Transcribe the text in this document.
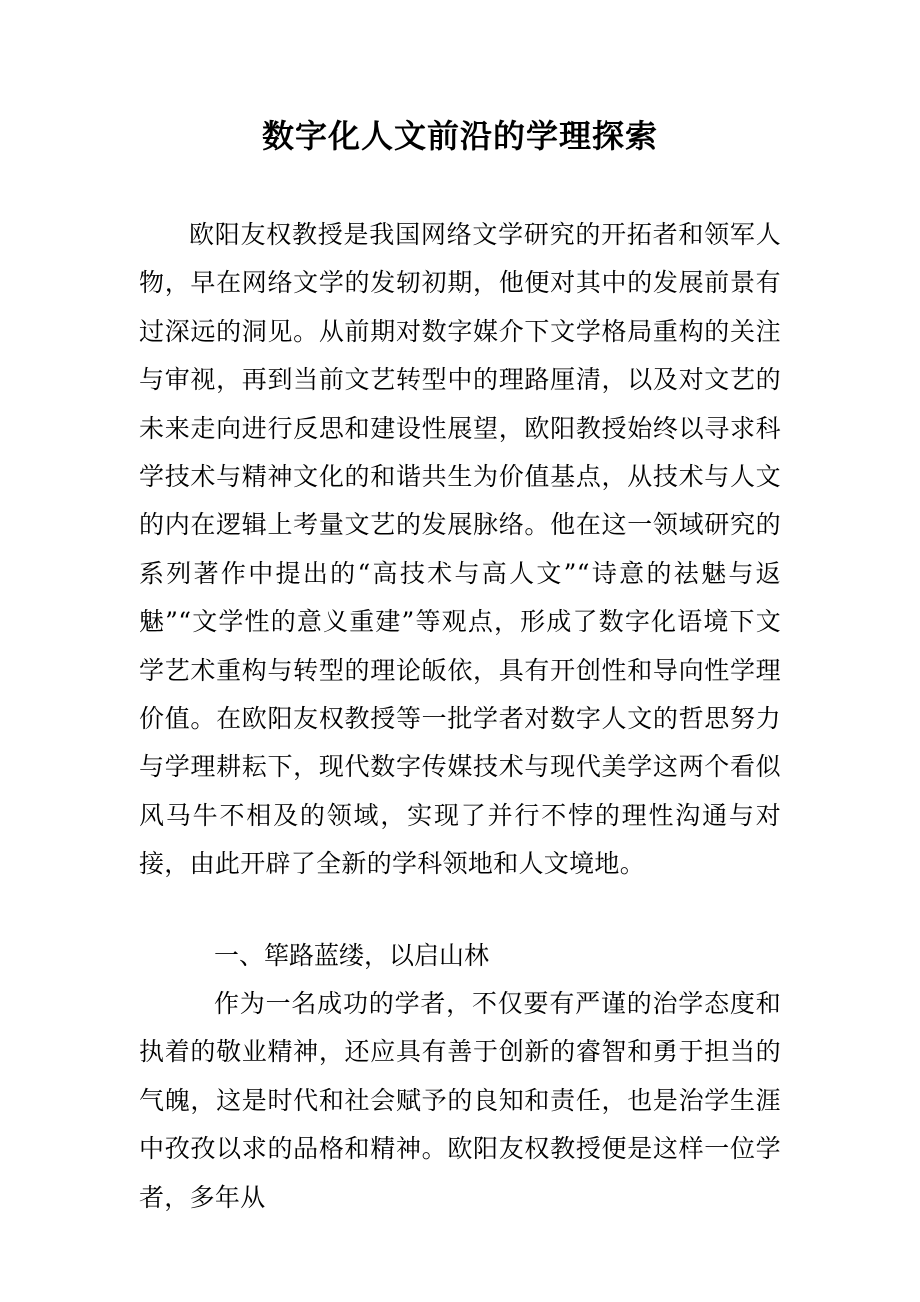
数字化人文前沿的学理探索
欧阳友权教授是我国网络文学研究的开拓者和领军人物，早在网络文学的发轫初期，他便对其中的发展前景有过深远的洞见。从前期对数字媒介下文学格局重构的关注与审视，再到当前文艺转型中的理路厘清，以及对文艺的未来走向进行反思和建设性展望，欧阳教授始终以寻求科学技术与精神文化的和谐共生为价值基点，从技术与人文的内在逻辑上考量文艺的发展脉络。他在这一领域研究的系列著作中提出的“高技术与高人文”“诗意的祛魅与返魅”“文学性的意义重建”等观点，形成了数字化语境下文学艺术重构与转型的理论皈依，具有开创性和导向性学理价值。在欧阳友权教授等一批学者对数字人文的哲思努力与学理耕耘下，现代数字传媒技术与现代美学这两个看似风马牛不相及的领域，实现了并行不悖的理性沟通与对接，由此开辟了全新的学科领地和人文境地。
一、筚路蓝缕，以启山林
作为一名成功的学者，不仅要有严谨的治学态度和执着的敬业精神，还应具有善于创新的睿智和勇于担当的气魄，这是时代和社会赋予的良知和责任，也是治学生涯中孜孜以求的品格和精神。欧阳友权教授便是这样一位学者，多年从
